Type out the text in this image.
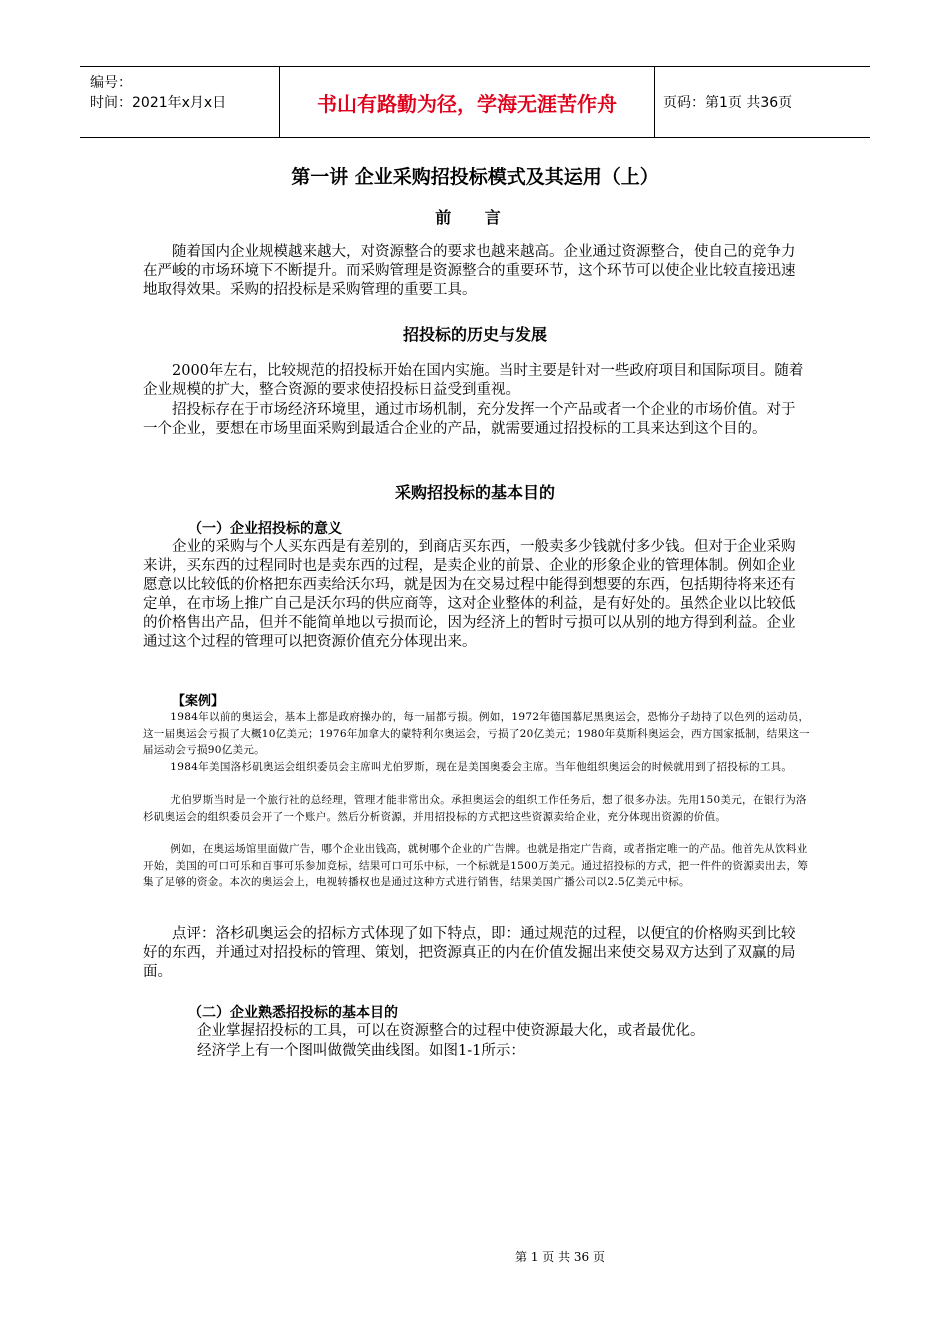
编号：
时间：2021年x月x日	书山有路勤为径，学海无涯苦作舟	页码：第1页 共36页
第一讲 企业采购招投标模式及其运用（上）
前 言

随着国内企业规模越来越大，对资源整合的要求也越来越高。企业通过资源整合，使自己的竞争力在严峻的市场环境下不断提升。而采购管理是资源整合的重要环节，这个环节可以使企业比较直接迅速地取得效果。采购的招投标是采购管理的重要工具。

招投标的历史与发展

2000年左右，比较规范的招投标开始在国内实施。当时主要是针对一些政府项目和国际项目。随着企业规模的扩大，整合资源的要求使招投标日益受到重视。

招投标存在于市场经济环境里，通过市场机制，充分发挥一个产品或者一个企业的市场价值。对于一个企业，要想在市场里面采购到最适合企业的产品，就需要通过招投标的工具来达到这个目的。

采购招投标的基本目的
（一）企业招投标的意义

企业的采购与个人买东西是有差别的，到商店买东西，一般卖多少钱就付多少钱。但对于企业采购来讲，买东西的过程同时也是卖东西的过程，是卖企业的前景、企业的形象企业的管理体制。例如企业愿意以比较低的价格把东西卖给沃尔玛，就是因为在交易过程中能得到想要的东西，包括期待将来还有定单，在市场上推广自己是沃尔玛的供应商等，这对企业整体的利益，是有好处的。虽然企业以比较低的价格售出产品，但并不能简单地以亏损而论，因为经济上的暂时亏损可以从别的地方得到利益。企业通过这个过程的管理可以把资源价值充分体现出来。

【案例】

1984年以前的奥运会，基本上都是政府操办的，每一届都亏损。例如，1972年德国慕尼黑奥运会，恐怖分子劫持了以色列的运动员，这一届奥运会亏损了大概10亿美元；1976年加拿大的蒙特利尔奥运会，亏损了20亿美元；1980年莫斯科奥运会，西方国家抵制，结果这一届运动会亏损90亿美元。

1984年美国洛杉矶奥运会组织委员会主席叫尤伯罗斯，现在是美国奥委会主席。当年他组织奥运会的时候就用到了招投标的工具。

尤伯罗斯当时是一个旅行社的总经理，管理才能非常出众。承担奥运会的组织工作任务后，想了很多办法。先用150美元，在银行为洛杉矶奥运会的组织委员会开了一个账户。然后分析资源，并用招投标的方式把这些资源卖给企业，充分体现出资源的价值。

例如，在奥运场馆里面做广告，哪个企业出钱高，就树哪个企业的广告牌。也就是指定广告商，或者指定唯一的产品。他首先从饮料业开始，美国的可口可乐和百事可乐参加竞标，结果可口可乐中标，一个标就是1500万美元。通过招投标的方式，把一件件的资源卖出去，筹集了足够的资金。本次的奥运会上，电视转播权也是通过这种方式进行销售，结果美国广播公司以2.5亿美元中标。

点评：洛杉矶奥运会的招标方式体现了如下特点，即：通过规范的过程，以便宜的价格购买到比较好的东西，并通过对招投标的管理、策划，把资源真正的内在价值发掘出来使交易双方达到了双赢的局面。

（二）企业熟悉招投标的基本目的

企业掌握招投标的工具，可以在资源整合的过程中使资源最大化，或者最优化。

经济学上有一个图叫做微笑曲线图。如图1-1所示：

第 1 页 共 36 页
